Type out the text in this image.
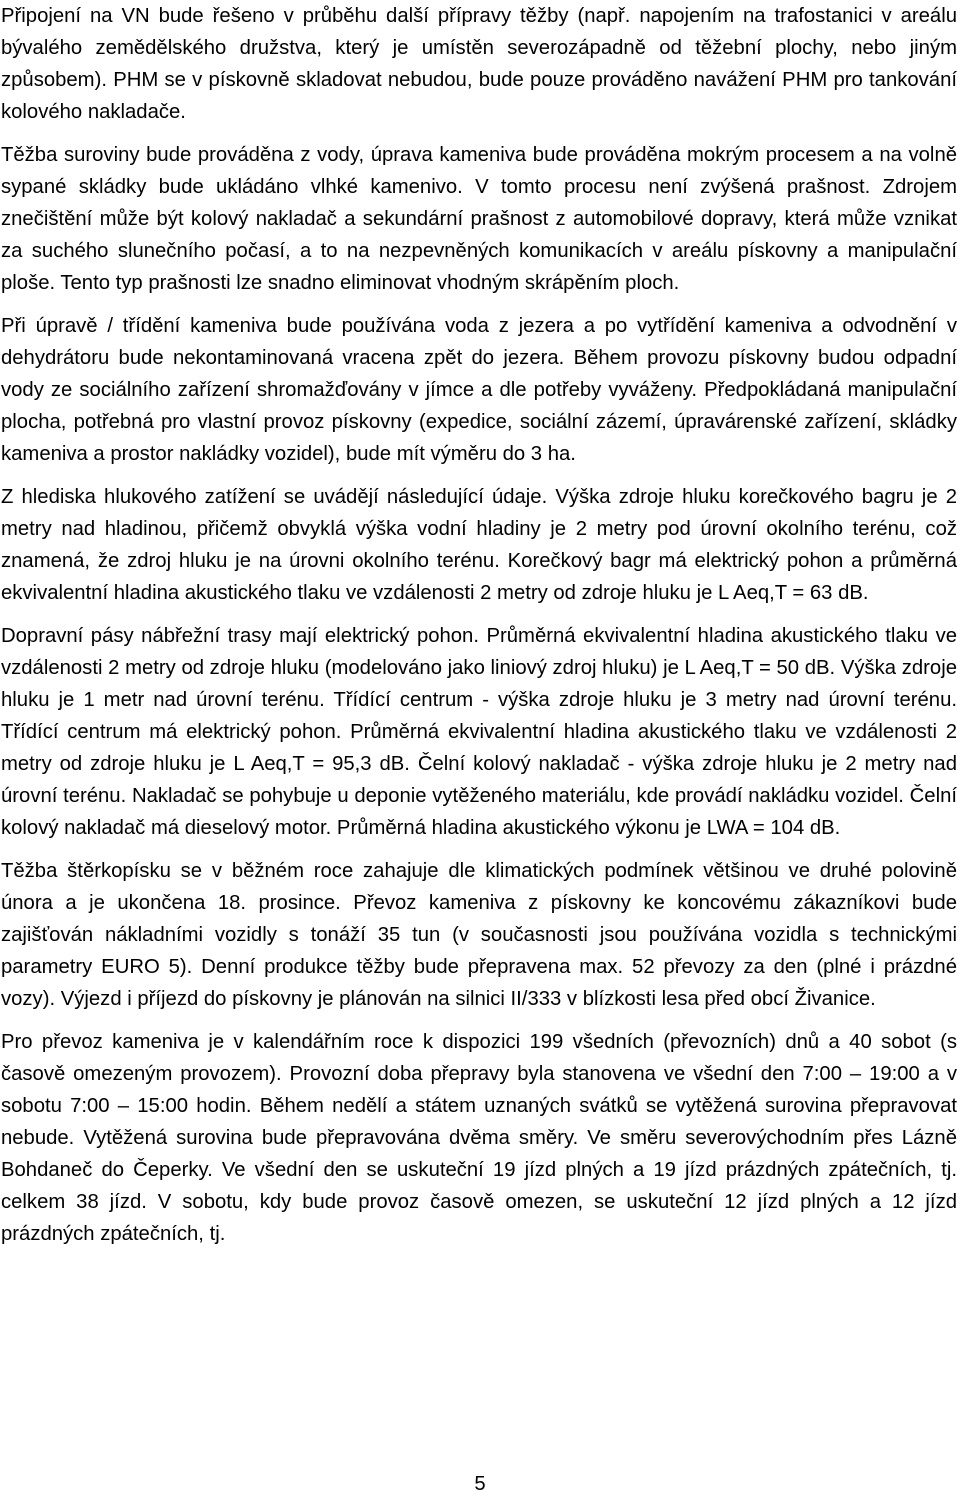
Připojení na VN bude řešeno v průběhu další přípravy těžby (např. napojením na trafostanici v areálu bývalého zemědělského družstva, který je umístěn severozápadně od těžební plochy, nebo jiným způsobem). PHM se v pískovně skladovat nebudou, bude pouze prováděno navážení PHM pro tankování kolového nakladače.

Těžba suroviny bude prováděna z vody, úprava kameniva bude prováděna mokrým procesem a na volně sypané skládky bude ukládáno vlhké kamenivo. V tomto procesu není zvýšená prašnost. Zdrojem znečištění může být kolový nakladač a sekundární prašnost z automobilové dopravy, která může vznikat za suchého slunečního počasí, a to na nezpevněných komunikacích v areálu pískovny a manipulační ploše. Tento typ prašnosti lze snadno eliminovat vhodným skrápěním ploch.

Při úpravě / třídění kameniva bude používána voda z jezera a po vytřídění kameniva a odvodnění v dehydrátoru bude nekontaminovaná vracena zpět do jezera. Během provozu pískovny budou odpadní vody ze sociálního zařízení shromažďovány v jímce a dle potřeby vyváženy. Předpokládaná manipulační plocha, potřebná pro vlastní provoz pískovny (expedice, sociální zázemí, úpravárenské zařízení, skládky kameniva a prostor nakládky vozidel), bude mít výměru do 3 ha.

Z hlediska hlukového zatížení se uvádějí následující údaje. Výška zdroje hluku korečkového bagru je 2 metry nad hladinou, přičemž obvyklá výška vodní hladiny je 2 metry pod úrovní okolního terénu, což znamená, že zdroj hluku je na úrovni okolního terénu. Korečkový bagr má elektrický pohon a průměrná ekvivalentní hladina akustického tlaku ve vzdálenosti 2 metry od zdroje hluku je L Aeq,T = 63 dB.

Dopravní pásy nábřežní trasy mají elektrický pohon. Průměrná ekvivalentní hladina akustického tlaku ve vzdálenosti 2 metry od zdroje hluku (modelováno jako liniový zdroj hluku) je L Aeq,T = 50 dB. Výška zdroje hluku je 1 metr nad úrovní terénu. Třídící centrum - výška zdroje hluku je 3 metry nad úrovní terénu. Třídící centrum má elektrický pohon. Průměrná ekvivalentní hladina akustického tlaku ve vzdálenosti 2 metry od zdroje hluku je L Aeq,T = 95,3 dB. Čelní kolový nakladač - výška zdroje hluku je 2 metry nad úrovní terénu. Nakladač se pohybuje u deponie vytěženého materiálu, kde provádí nakládku vozidel. Čelní kolový nakladač má dieselový motor. Průměrná hladina akustického výkonu je LWA = 104 dB.

Těžba štěrkopísku se v běžném roce zahajuje dle klimatických podmínek většinou ve druhé polovině února a je ukončena 18. prosince. Převoz kameniva z pískovny ke koncovému zákazníkovi bude zajišťován nákladními vozidly s tonáží 35 tun (v současnosti jsou používána vozidla s technickými parametry EURO 5). Denní produkce těžby bude přepravena max. 52 převozy za den (plné i prázdné vozy). Výjezd i příjezd do pískovny je plánován na silnici II/333 v blízkosti lesa před obcí Živanice.

Pro převoz kameniva je v kalendářním roce k dispozici 199 všedních (převozních) dnů a 40 sobot (s časově omezeným provozem). Provozní doba přepravy byla stanovena ve všední den 7:00 – 19:00 a v sobotu 7:00 – 15:00 hodin. Během nedělí a státem uznaných svátků se vytěžená surovina přepravovat nebude. Vytěžená surovina bude přepravována dvěma směry. Ve směru severovýchodním přes Lázně Bohdaneč do Čeperky. Ve všední den se uskuteční 19 jízd plných a 19 jízd prázdných zpátečních, tj. celkem 38 jízd. V sobotu, kdy bude provoz časově omezen, se uskuteční 12 jízd plných a 12 jízd prázdných zpátečních, tj.

5
